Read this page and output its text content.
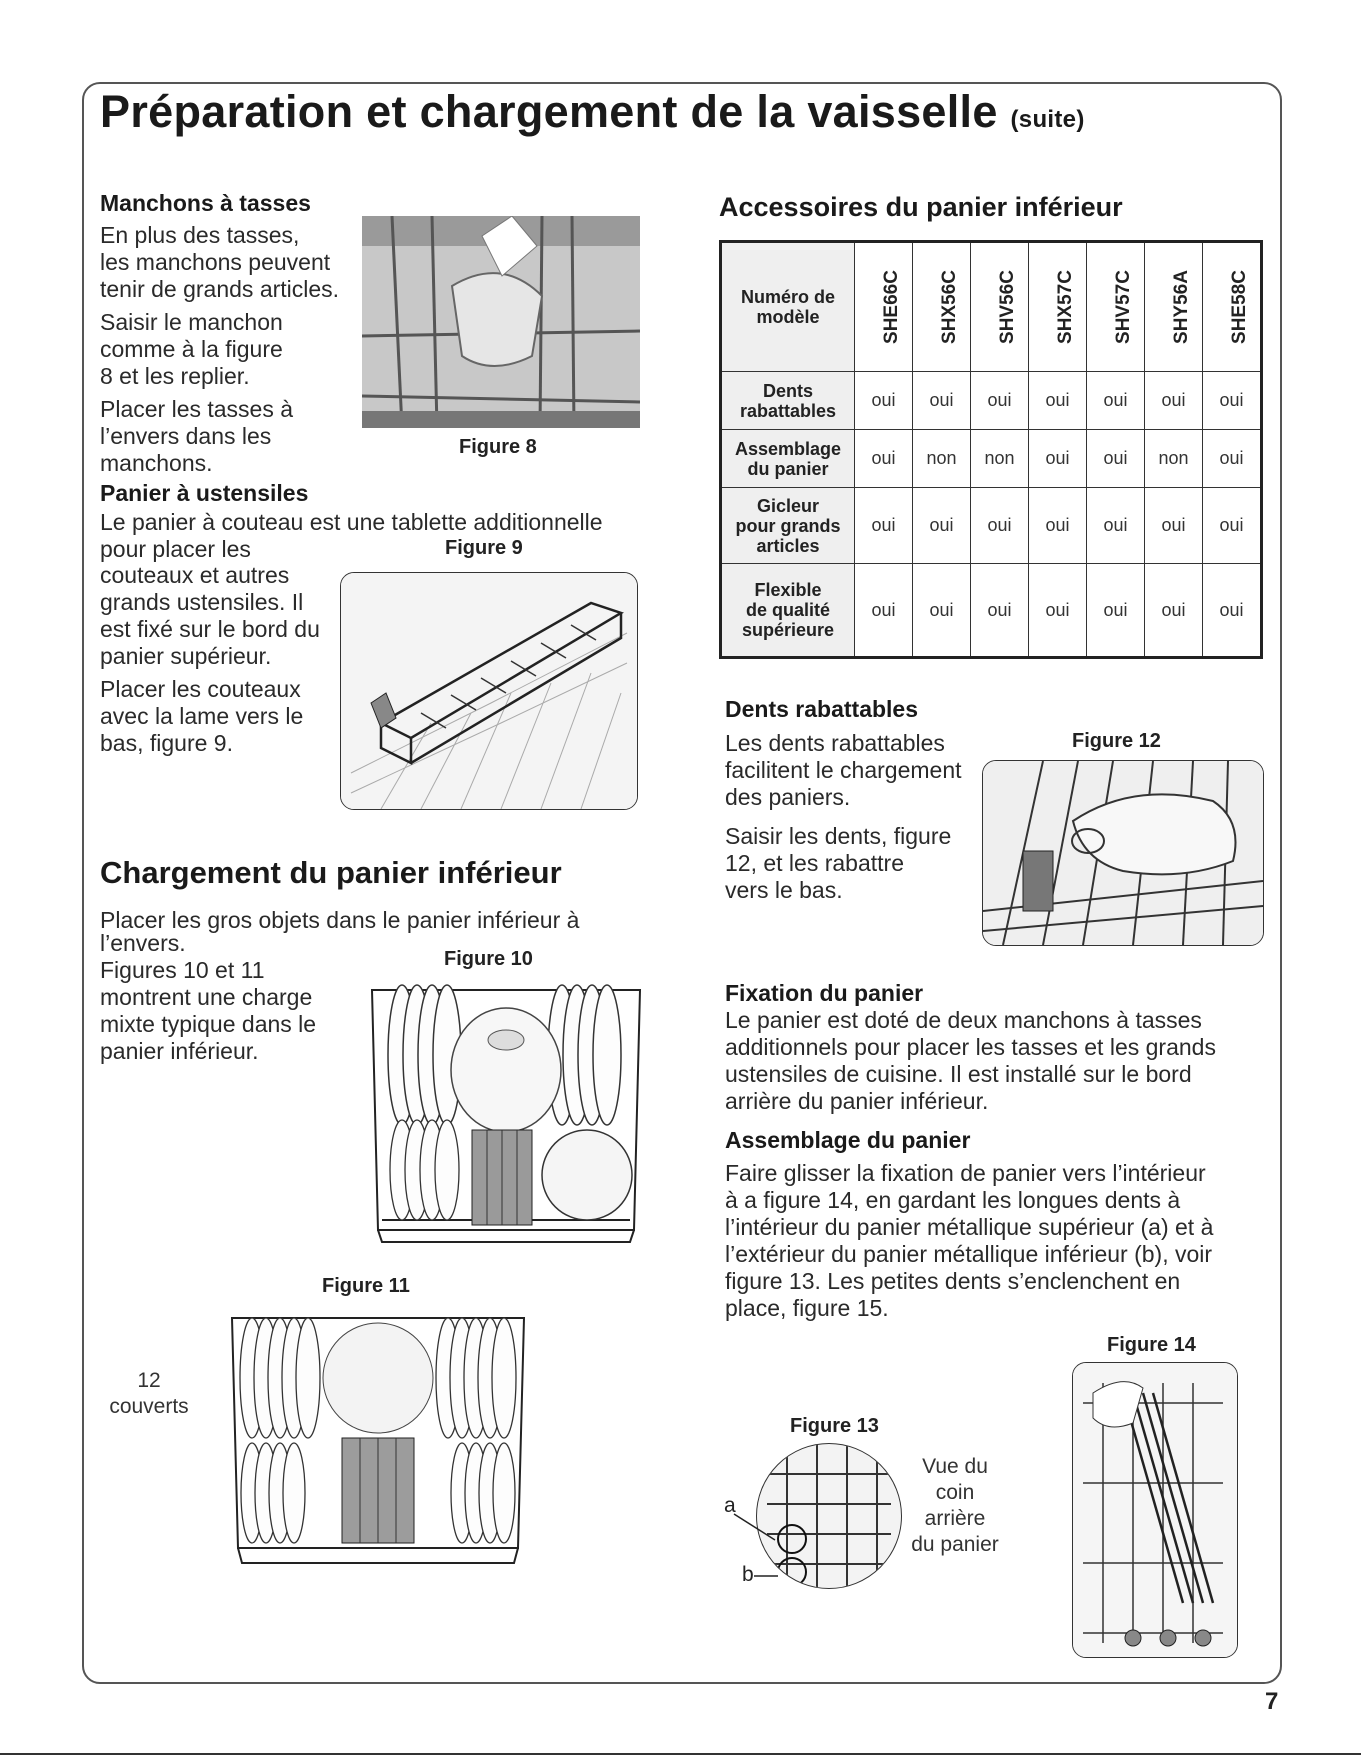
Préparation et chargement de la vaisselle (suite)

Manchons à tasses

En plus des tasses,

les manchons peuvent

tenir de grands articles.

Saisir le manchon

comme à la figure

8 et les replier.

Placer les tasses à

l’envers dans les

manchons.

Figure 8

Panier à ustensiles

Le panier à couteau est une tablette additionnelle

pour placer les	Figure 9

couteaux et autres

grands ustensiles. Il

est fixé sur le bord du

panier supérieur.

Placer les couteaux

avec la lame vers le

bas, figure 9.

Chargement du panier inférieur

Placer les gros objets dans le panier inférieur à

l’envers.

Figures 10 et 11

montrent une charge

mixte typique dans le

panier inférieur.

Figure 10
Figure 11
12
couverts

Accessoires du panier inférieur

Numéro de
modèle	SHE66C	SHX56C	SHV56C	SHX57C	SHV57C	SHY56A	SHE58C

Dents
rabattables	oui	oui	oui	oui	oui	oui	oui

Assemblage
du panier	oui	non	non	oui	oui	non	oui

Gicleur
pour grands
articles	oui	oui	oui	oui	oui	oui	oui

Flexible
de qualité
supérieure	oui	oui	oui	oui	oui	oui	oui

Dents rabattables

Les dents rabattables

facilitent le chargement

des paniers.

Saisir les dents, figure

12, et les rabattre

vers le bas.

Figure 12

Fixation du panier

Le panier est doté de deux manchons à tasses

additionnels pour placer les tasses et les grands

ustensiles de cuisine. Il est installé sur le bord

arrière du panier inférieur.

Assemblage du panier

Faire glisser la fixation de panier vers l’intérieur

à a figure 14, en gardant les longues dents à

l’intérieur du panier métallique supérieur (a) et à

l’extérieur du panier métallique inférieur (b), voir

figure 13. Les petites dents s’enclenchent en

place, figure 15.

Figure 14
Figure 13
a
b
Vue du
coin
arrière
du panier
7
